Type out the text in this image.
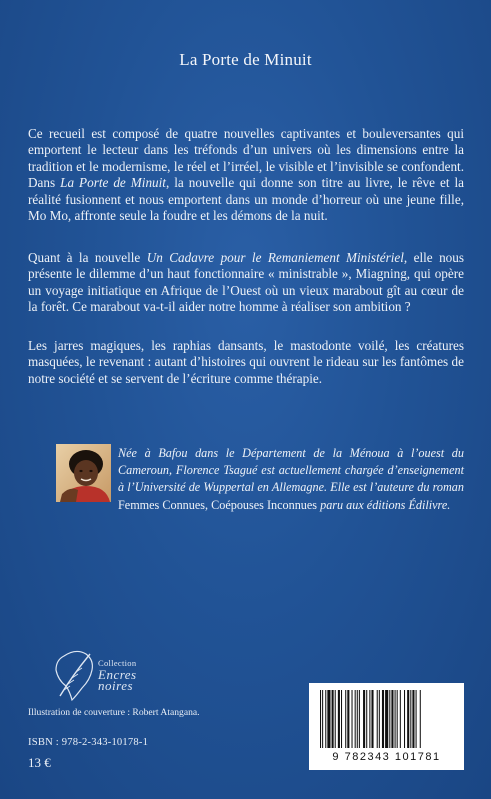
La Porte de Minuit

Ce recueil est composé de quatre nouvelles captivantes et bouleversantes qui emportent le lecteur dans les tréfonds d’un univers où les dimensions entre la tradition et le modernisme, le réel et l’irréel, le visible et l’invisible se confondent. Dans La Porte de Minuit, la nouvelle qui donne son titre au livre, le rêve et la réalité fusionnent et nous emportent dans un monde d’horreur où une jeune fille, Mo Mo, affronte seule la foudre et les démons de la nuit.

Quant à la nouvelle Un Cadavre pour le Remaniement Ministériel, elle nous présente le dilemme d’un haut fonctionnaire « ministrable », Miagning, qui opère un voyage initiatique en Afrique de l’Ouest où un vieux marabout gît au cœur de la forêt. Ce marabout va-t-il aider notre homme à réaliser son ambition ?

Les jarres magiques, les raphias dansants, le mastodonte voilé, les créatures masquées, le revenant : autant d’histoires qui ouvrent le rideau sur les fantômes de notre société et se servent de l’écriture comme thérapie.

Née à Bafou dans le Département de la Ménoua à l’ouest du Cameroun, Florence Tsagué est actuellement chargée d’enseignement à l’Université de Wuppertal en Allemagne. Elle est l’auteure du roman Femmes Connues, Coépouses Inconnues paru aux éditions Édilivre.

Collection
Encres
noires
Illustration de couverture : Robert Atangana.
ISBN : 978-2-343-10178-1
13 €	9 782343 101781
